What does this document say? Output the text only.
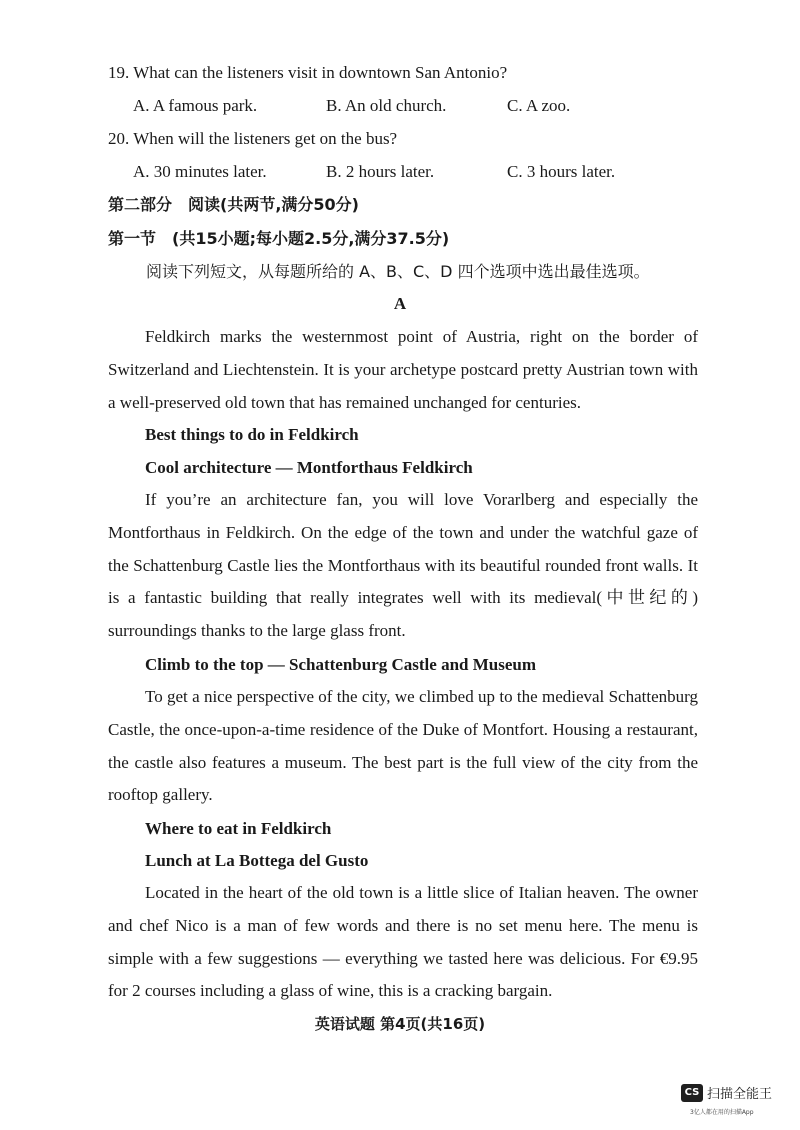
19. What can the listeners visit in downtown San Antonio?
A. A famous park.	B. An old church.	C. A zoo.
20. When will the listeners get on the bus?
A. 30 minutes later.	B. 2 hours later.	C. 3 hours later.
第二部分　阅读(共两节,满分50分)
第一节　(共15小题;每小题2.5分,满分37.5分)
阅读下列短文，从每题所给的 A、B、C、D 四个选项中选出最佳选项。
A

Feldkirch marks the westernmost point of Austria, right on the border of Switzerland and Liechtenstein. It is your archetype postcard pretty Austrian town with a well-preserved old town that has remained unchanged for centuries.

Best things to do in Feldkirch
Cool architecture — Montforthaus Feldkirch

If you’re an architecture fan, you will love Vorarlberg and especially the Montforthaus in Feldkirch. On the edge of the town and under the watchful gaze of the Schattenburg Castle lies the Montforthaus with its beautiful rounded front walls. It is a fantastic building that really integrates well with its medieval(中世纪的) surroundings thanks to the large glass front.

Climb to the top — Schattenburg Castle and Museum

To get a nice perspective of the city, we climbed up to the medieval Schattenburg Castle, the once-upon-a-time residence of the Duke of Montfort. Housing a restaurant, the castle also features a museum. The best part is the full view of the city from the rooftop gallery.

Where to eat in Feldkirch
Lunch at La Bottega del Gusto

Located in the heart of the old town is a little slice of Italian heaven. The owner and chef Nico is a man of few words and there is no set menu here. The menu is simple with a few suggestions — everything we tasted here was delicious. For €9.95 for 2 courses including a glass of wine, this is a cracking bargain.

英语试题 第4页(共16页)
CS 扫描全能王
3亿人都在用的扫描App
